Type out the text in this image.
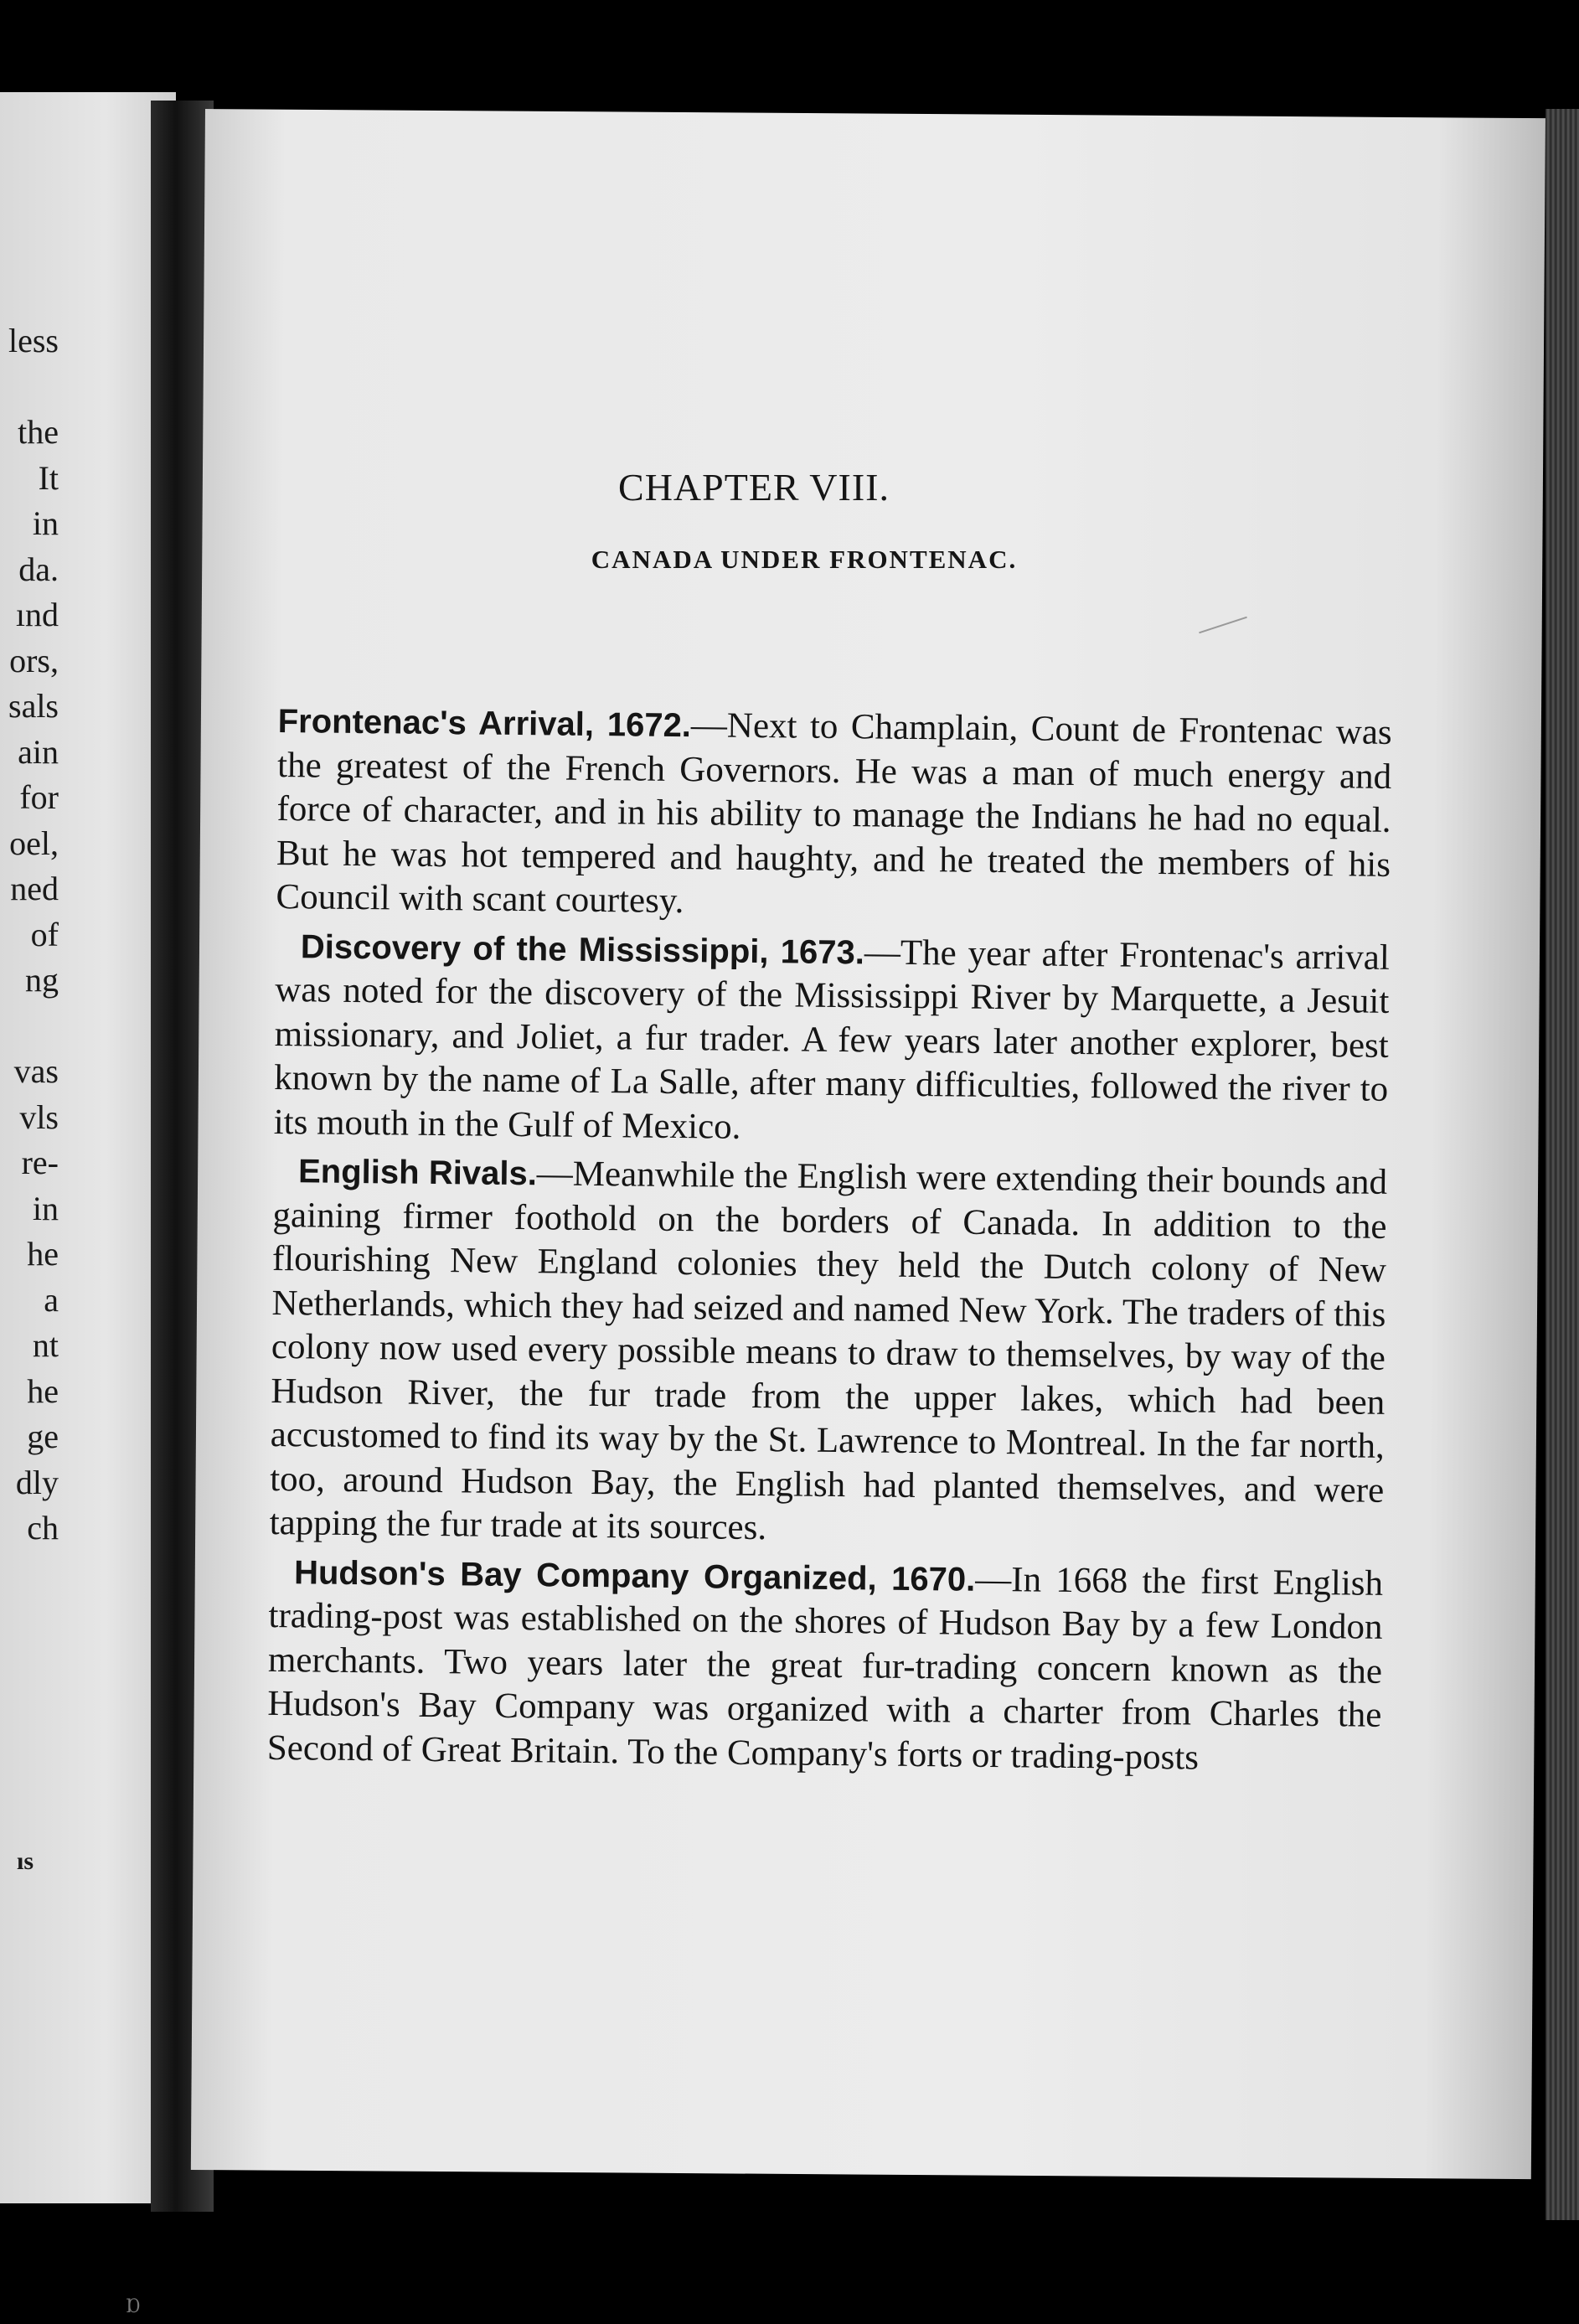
less
the
It
in
da.
ınd
ors,
sals
ain
for
oel,
ned
of
ng
vas
vls
re-
in
he
a
nt
he
ge
dly
ch
ıs
CHAPTER VIII.
CANADA UNDER FRONTENAC.

Frontenac's Arrival, 1672.—Next to Champlain, Count de Frontenac was the greatest of the French Governors. He was a man of much energy and force of character, and in his ability to manage the Indians he had no equal. But he was hot tempered and haughty, and he treated the members of his Council with scant courtesy.

Discovery of the Mississippi, 1673.—The year after Frontenac's arrival was noted for the discovery of the Mississippi River by Marquette, a Jesuit missionary, and Joliet, a fur trader. A few years later another explorer, best known by the name of La Salle, after many difficulties, followed the river to its mouth in the Gulf of Mexico.

English Rivals.—Meanwhile the English were extending their bounds and gaining firmer foothold on the borders of Canada. In addition to the flourishing New England colonies they held the Dutch colony of New Netherlands, which they had seized and named New York. The traders of this colony now used every possible means to draw to themselves, by way of the Hudson River, the fur trade from the upper lakes, which had been accustomed to find its way by the St. Lawrence to Montreal. In the far north, too, around Hudson Bay, the English had planted themselves, and were tapping the fur trade at its sources.

Hudson's Bay Company Organized, 1670.—In 1668 the first English trading-post was established on the shores of Hudson Bay by a few London merchants. Two years later the great fur-trading concern known as the Hudson's Bay Company was organized with a charter from Charles the Second of Great Britain. To the Company's forts or trading-posts

Ɒ
